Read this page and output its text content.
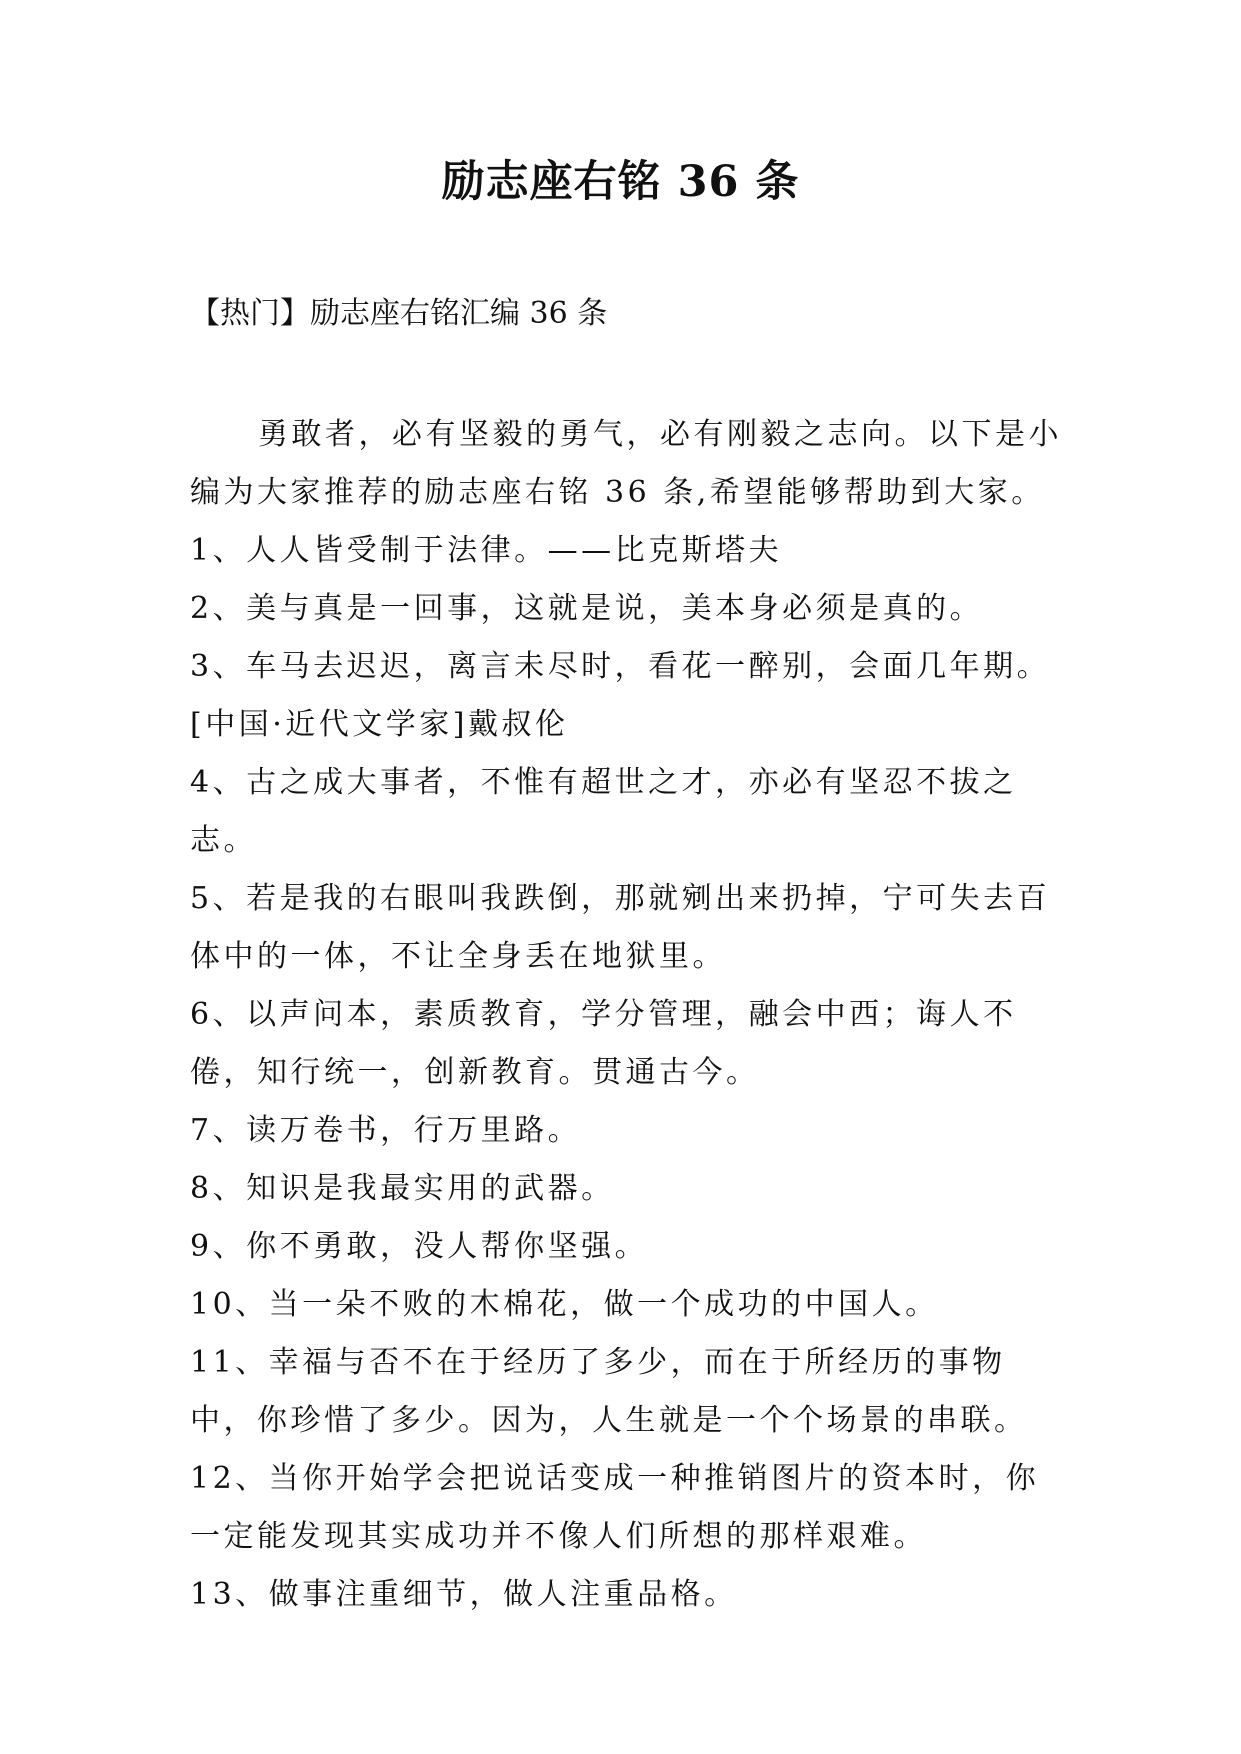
励志座右铭 36 条

【热门】励志座右铭汇编 36 条

勇敢者，必有坚毅的勇气，必有刚毅之志向。以下是小编为大家推荐的励志座右铭 36 条,希望能够帮助到大家。

1、人人皆受制于法律。——比克斯塔夫

2、美与真是一回事，这就是说，美本身必须是真的。

3、车马去迟迟，离言未尽时，看花一醉别，会面几年期。[中国·近代文学家]戴叔伦

4、古之成大事者，不惟有超世之才，亦必有坚忍不拔之志。

5、若是我的右眼叫我跌倒，那就剜出来扔掉，宁可失去百体中的一体，不让全身丢在地狱里。

6、以声问本，素质教育，学分管理，融会中西；诲人不倦，知行统一，创新教育。贯通古今。

7、读万卷书，行万里路。

8、知识是我最实用的武器。

9、你不勇敢，没人帮你坚强。

10、当一朵不败的木棉花，做一个成功的中国人。

11、幸福与否不在于经历了多少，而在于所经历的事物中，你珍惜了多少。因为，人生就是一个个场景的串联。

12、当你开始学会把说话变成一种推销图片的资本时，你一定能发现其实成功并不像人们所想的那样艰难。

13、做事注重细节，做人注重品格。
